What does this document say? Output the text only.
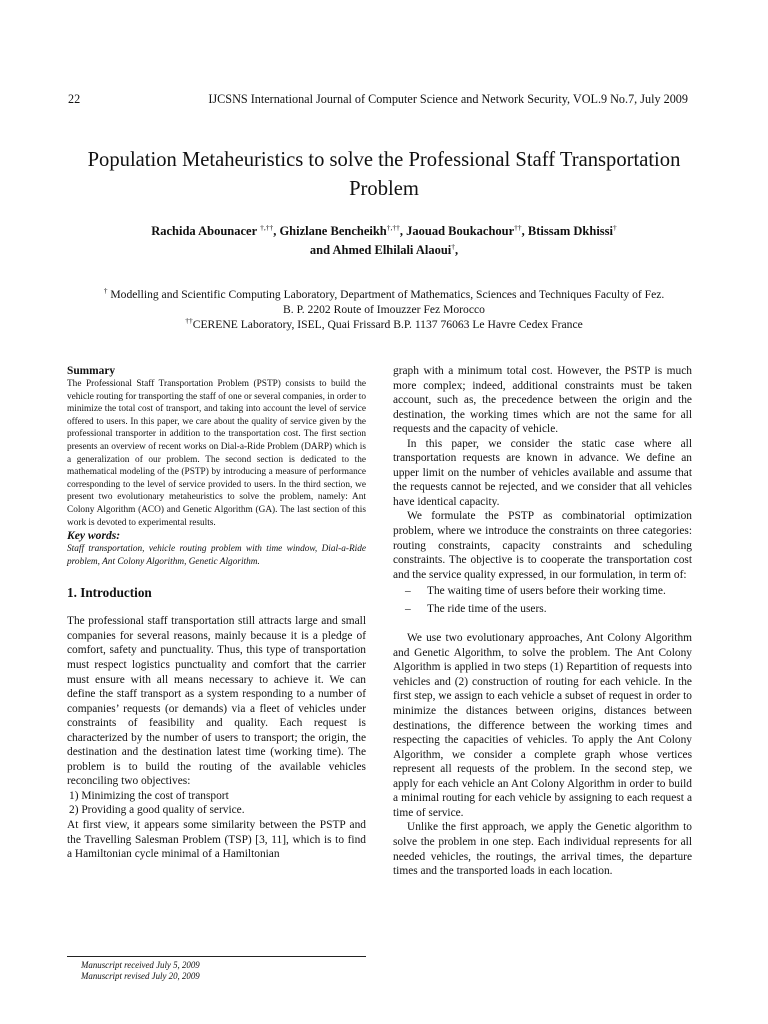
22	IJCSNS International Journal of Computer Science and Network Security, VOL.9 No.7, July 2009
Population Metaheuristics to solve the Professional Staff Transportation Problem
Rachida Abounacer †,††, Ghizlane Bencheikh†,††, Jaouad Boukachour††, Btissam Dkhissi†
and Ahmed Elhilali Alaoui†,
† Modelling and Scientific Computing Laboratory, Department of Mathematics, Sciences and Techniques Faculty of Fez.
B. P. 2202 Route of Imouzzer Fez Morocco
††CERENE Laboratory, ISEL, Quai Frissard B.P. 1137 76063 Le Havre Cedex France
Summary
The Professional Staff Transportation Problem (PSTP) consists to build the vehicle routing for transporting the staff of one or several companies, in order to minimize the total cost of transport, and taking into account the level of service offered to users. In this paper, we care about the quality of service given by the professional transporter in addition to the transportation cost. The first section presents an overview of recent works on Dial-a-Ride Problem (DARP) which is a generalization of our problem. The second section is dedicated to the mathematical modeling of the (PSTP) by introducing a measure of performance corresponding to the level of service provided to users. In the third section, we present two evolutionary metaheuristics to solve the problem, namely: Ant Colony Algorithm (ACO) and Genetic Algorithm (GA). The last section of this work is devoted to experimental results.
Key words:
Staff transportation, vehicle routing problem with time window, Dial-a-Ride problem, Ant Colony Algorithm, Genetic Algorithm.
1. Introduction

The professional staff transportation still attracts large and small companies for several reasons, mainly because it is a pledge of comfort, safety and punctuality. Thus, this type of transportation must respect logistics punctuality and comfort that the carrier must ensure with all means necessary to achieve it. We can define the staff transport as a system responding to a number of companies’ requests (or demands) via a fleet of vehicles under constraints of feasibility and quality. Each request is characterized by the number of users to transport; the origin, the destination and the destination latest time (working time). The problem is to build the routing of the available vehicles reconciling two objectives:

1) Minimizing the cost of transport
2) Providing a good quality of service.

At first view, it appears some similarity between the PSTP and the Travelling Salesman Problem (TSP) [3, 11], which is to find a Hamiltonian cycle minimal of a Hamiltonian

graph with a minimum total cost. However, the PSTP is much more complex; indeed, additional constraints must be taken account, such as, the precedence between the origin and the destination, the working times which are not the same for all requests and the capacity of vehicle.

In this paper, we consider the static case where all transportation requests are known in advance. We define an upper limit on the number of vehicles available and assume that the requests cannot be rejected, and we consider that all vehicles have identical capacity.

We formulate the PSTP as combinatorial optimization problem, where we introduce the constraints on three categories: routing constraints, capacity constraints and scheduling constraints. The objective is to cooperate the transportation cost and the service quality expressed, in our formulation, in term of:

–	The waiting time of users before their working time.
–	The ride time of the users.

We use two evolutionary approaches, Ant Colony Algorithm and Genetic Algorithm, to solve the problem. The Ant Colony Algorithm is applied in two steps (1) Repartition of requests into vehicles and (2) construction of routing for each vehicle. In the first step, we assign to each vehicle a subset of request in order to minimize the distances between origins, distances between destinations, the difference between the working times and respecting the capacities of vehicles. To apply the Ant Colony Algorithm, we consider a complete graph whose vertices represent all requests of the problem. In the second step, we apply for each vehicle an Ant Colony Algorithm in order to build a minimal routing for each vehicle by assigning to each request a time of service.

Unlike the first approach, we apply the Genetic algorithm to solve the problem in one step. Each individual represents for all needed vehicles, the routings, the arrival times, the departure times and the transported loads in each location.

Manuscript received July 5, 2009
Manuscript revised July 20, 2009
